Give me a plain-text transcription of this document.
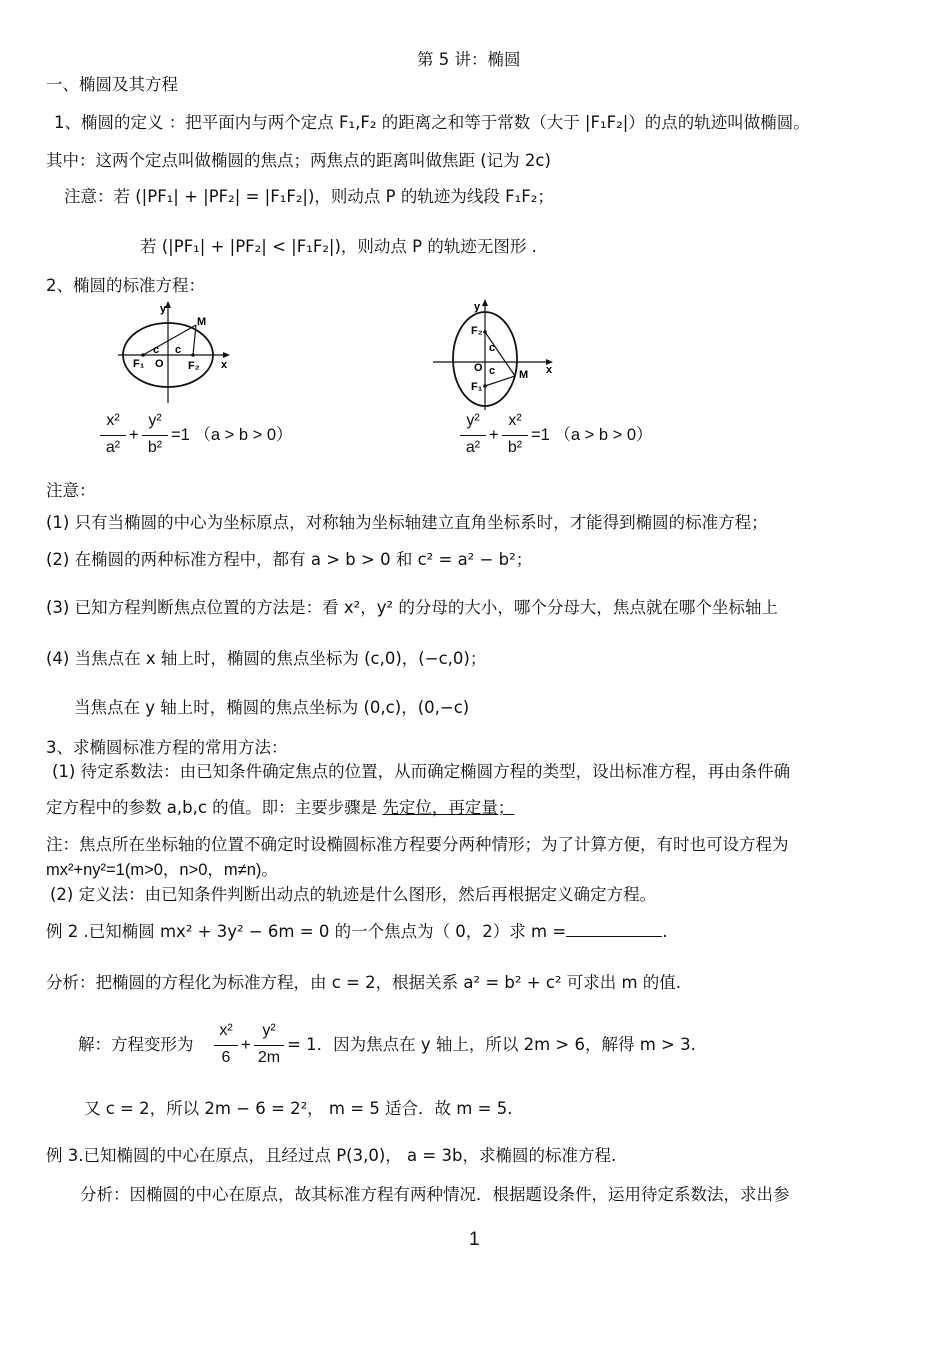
第 5 讲：椭圆
一、椭圆及其方程
1、椭圆的定义 ：把平面内与两个定点 F₁,F₂ 的距离之和等于常数（大于 |F₁F₂|）的点的轨迹叫做椭圆。
其中：这两个定点叫做椭圆的焦点；两焦点的距离叫做焦距 (记为 2c)
注意：若 (|PF₁| + |PF₂| = |F₁F₂|)，则动点 P 的轨迹为线段 F₁F₂；
若 (|PF₁| + |PF₂| < |F₁F₂|)，则动点 P 的轨迹无图形 .
2、椭圆的标准方程：
y
x
M
F₁	F₂
O
c c
y
x
M
F₂
F₁
O
c
c
x²
a²
+
y²
b²
=1 （a > b > 0）
y²
a²
+
x²
b²
=1 （a > b > 0）
注意：
(1) 只有当椭圆的中心为坐标原点，对称轴为坐标轴建立直角坐标系时，才能得到椭圆的标准方程；
(2) 在椭圆的两种标准方程中，都有 a > b > 0 和 c² = a² − b²；
(3) 已知方程判断焦点位置的方法是：看 x²，y² 的分母的大小，哪个分母大，焦点就在哪个坐标轴上
(4) 当焦点在 x 轴上时，椭圆的焦点坐标为 (c,0)，(−c,0)；
当焦点在 y 轴上时，椭圆的焦点坐标为 (0,c)，(0,−c)
3、求椭圆标准方程的常用方法：
(1) 待定系数法：由已知条件确定焦点的位置，从而确定椭圆方程的类型，设出标准方程，再由条件确
定方程中的参数 a,b,c 的值。即：主要步骤是 先定位，再定量；
注：焦点所在坐标轴的位置不确定时设椭圆标准方程要分两种情形；为了计算方便，有时也可设方程为
mx²+ny²=1(m>0，n>0，m≠n)。
(2) 定义法：由已知条件判断出动点的轨迹是什么图形，然后再根据定义确定方程。
例 2 .已知椭圆 mx² + 3y² − 6m = 0 的一个焦点为（ 0，2）求 m =	.
分析：把椭圆的方程化为标准方程，由 c = 2，根据关系 a² = b² + c² 可求出 m 的值.
解：方程变形为
x²
6
+
y²
2m
= 1．因为焦点在 y 轴上，所以 2m > 6，解得 m > 3.
又 c = 2，所以 2m − 6 = 2²， m = 5 适合．故 m = 5.
例 3.已知椭圆的中心在原点，且经过点 P(3,0)， a = 3b，求椭圆的标准方程.
分析：因椭圆的中心在原点，故其标准方程有两种情况．根据题设条件，运用待定系数法，求出参
1
